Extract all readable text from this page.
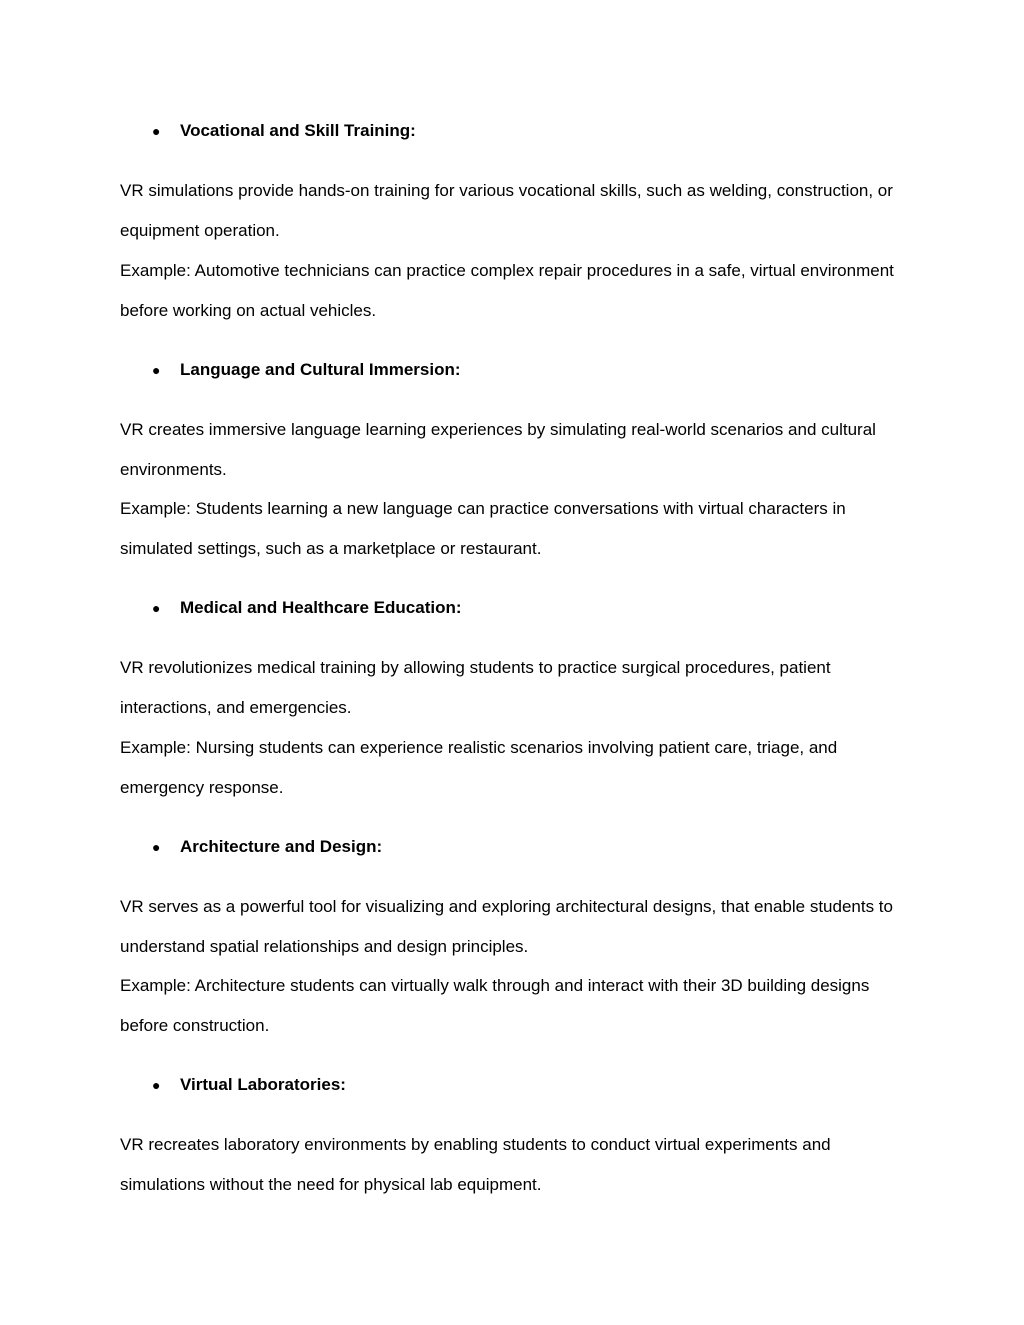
●	Vocational and Skill Training:

VR simulations provide hands-on training for various vocational skills, such as welding, construction, or equipment operation.

Example: Automotive technicians can practice complex repair procedures in a safe, virtual environment before working on actual vehicles.

●	Language and Cultural Immersion:

VR creates immersive language learning experiences by simulating real-world scenarios and cultural environments.

Example: Students learning a new language can practice conversations with virtual characters in simulated settings, such as a marketplace or restaurant.

●	Medical and Healthcare Education:

VR revolutionizes medical training by allowing students to practice surgical procedures, patient interactions, and emergencies.

Example: Nursing students can experience realistic scenarios involving patient care, triage, and emergency response.

●	Architecture and Design:

VR serves as a powerful tool for visualizing and exploring architectural designs, that enable students to understand spatial relationships and design principles.

Example: Architecture students can virtually walk through and interact with their 3D building designs before construction.

●	Virtual Laboratories:

VR recreates laboratory environments by enabling students to conduct virtual experiments and simulations without the need for physical lab equipment.
